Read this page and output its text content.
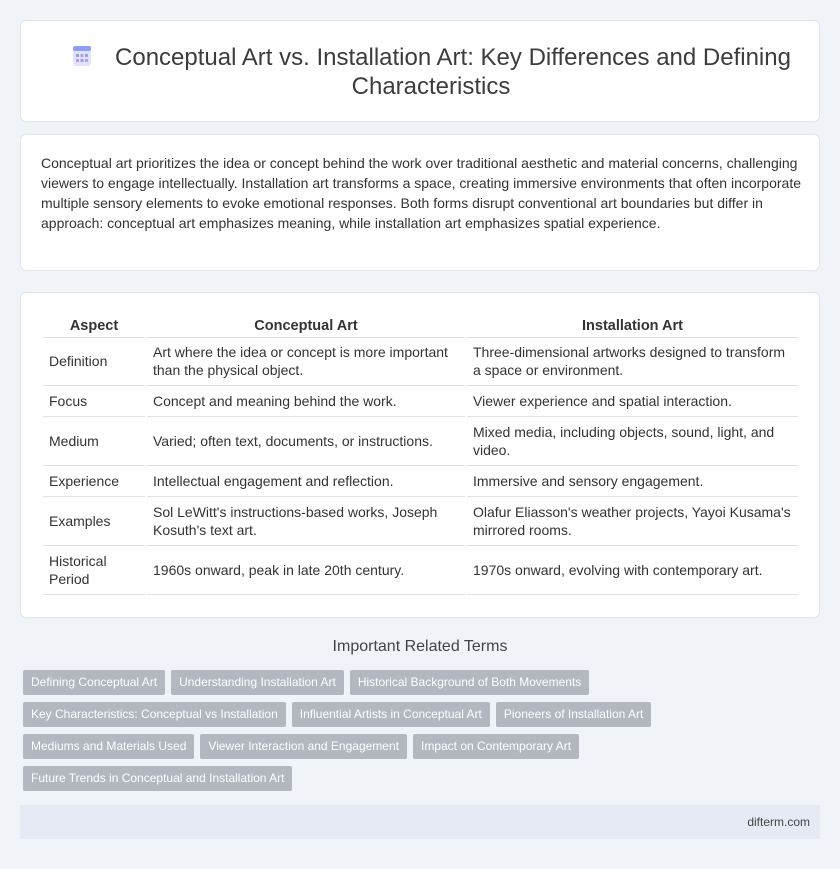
Conceptual Art vs. Installation Art: Key Differences and Defining Characteristics

Conceptual art prioritizes the idea or concept behind the work over traditional aesthetic and material concerns, challenging viewers to engage intellectually. Installation art transforms a space, creating immersive environments that often incorporate multiple sensory elements to evoke emotional responses. Both forms disrupt conventional art boundaries but differ in approach: conceptual art emphasizes meaning, while installation art emphasizes spatial experience.

Aspect	Conceptual Art	Installation Art
Definition	Art where the idea or concept is more important than the physical object.	Three-dimensional artworks designed to transform a space or environment.
Focus	Concept and meaning behind the work.	Viewer experience and spatial interaction.
Medium	Varied; often text, documents, or instructions.	Mixed media, including objects, sound, light, and video.
Experience	Intellectual engagement and reflection.	Immersive and sensory engagement.
Examples	Sol LeWitt's instructions-based works, Joseph Kosuth's text art.	Olafur Eliasson's weather projects, Yayoi Kusama's mirrored rooms.
Historical Period	1960s onward, peak in late 20th century.	1970s onward, evolving with contemporary art.
Important Related Terms
Defining Conceptual Art Understanding Installation Art Historical Background of Both Movements
Key Characteristics: Conceptual vs Installation Influential Artists in Conceptual Art Pioneers of Installation Art
Mediums and Materials Used Viewer Interaction and Engagement Impact on Contemporary Art
Future Trends in Conceptual and Installation Art
difterm.com
